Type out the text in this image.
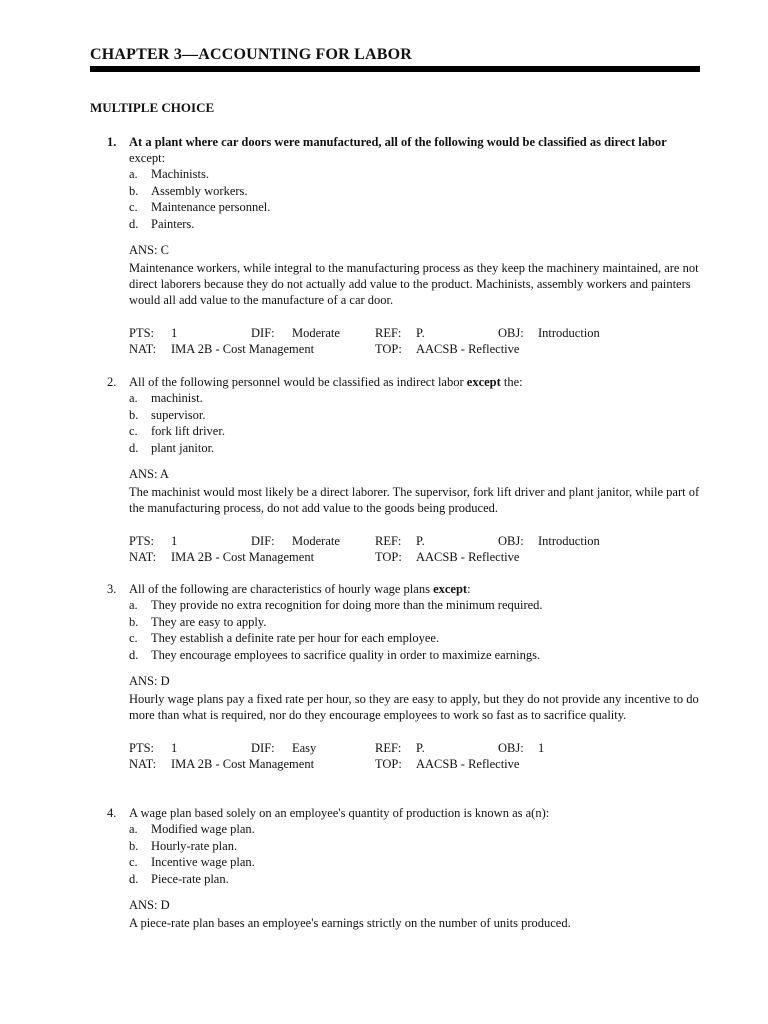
CHAPTER 3—ACCOUNTING FOR LABOR
MULTIPLE CHOICE
1.	At a plant where car doors were manufactured, all of the following would be classified as direct labor except:

a. Machinists.
b. Assembly workers.
c. Maintenance personnel.
d. Painters.
ANS: C
Maintenance workers, while integral to the manufacturing process as they keep the machinery maintained, are not direct laborers because they do not actually add value to the product. Machinists, assembly workers and painters would all add value to the manufacture of a car door.
PTS: 1	DIF: Moderate	REF: P.	OBJ: Introduction
NAT: IMA 2B - Cost Management	TOP: AACSB - Reflective
2.	All of the following personnel would be classified as indirect labor except the:

a. machinist.
b. supervisor.
c. fork lift driver.
d. plant janitor.
ANS: A
The machinist would most likely be a direct laborer. The supervisor, fork lift driver and plant janitor, while part of the manufacturing process, do not add value to the goods being produced.
PTS: 1	DIF: Moderate	REF: P.	OBJ: Introduction
NAT: IMA 2B - Cost Management	TOP: AACSB - Reflective
3.	All of the following are characteristics of hourly wage plans except:

a. They provide no extra recognition for doing more than the minimum required.
b. They are easy to apply.
c. They establish a definite rate per hour for each employee.
d. They encourage employees to sacrifice quality in order to maximize earnings.
ANS: D
Hourly wage plans pay a fixed rate per hour, so they are easy to apply, but they do not provide any incentive to do more than what is required, nor do they encourage employees to work so fast as to sacrifice quality.
PTS: 1	DIF: Easy	REF: P.	OBJ: 1
NAT: IMA 2B - Cost Management	TOP: AACSB - Reflective
4.	A wage plan based solely on an employee's quantity of production is known as a(n):

a. Modified wage plan.
b. Hourly-rate plan.
c. Incentive wage plan.
d. Piece-rate plan.
ANS: D
A piece-rate plan bases an employee's earnings strictly on the number of units produced.
